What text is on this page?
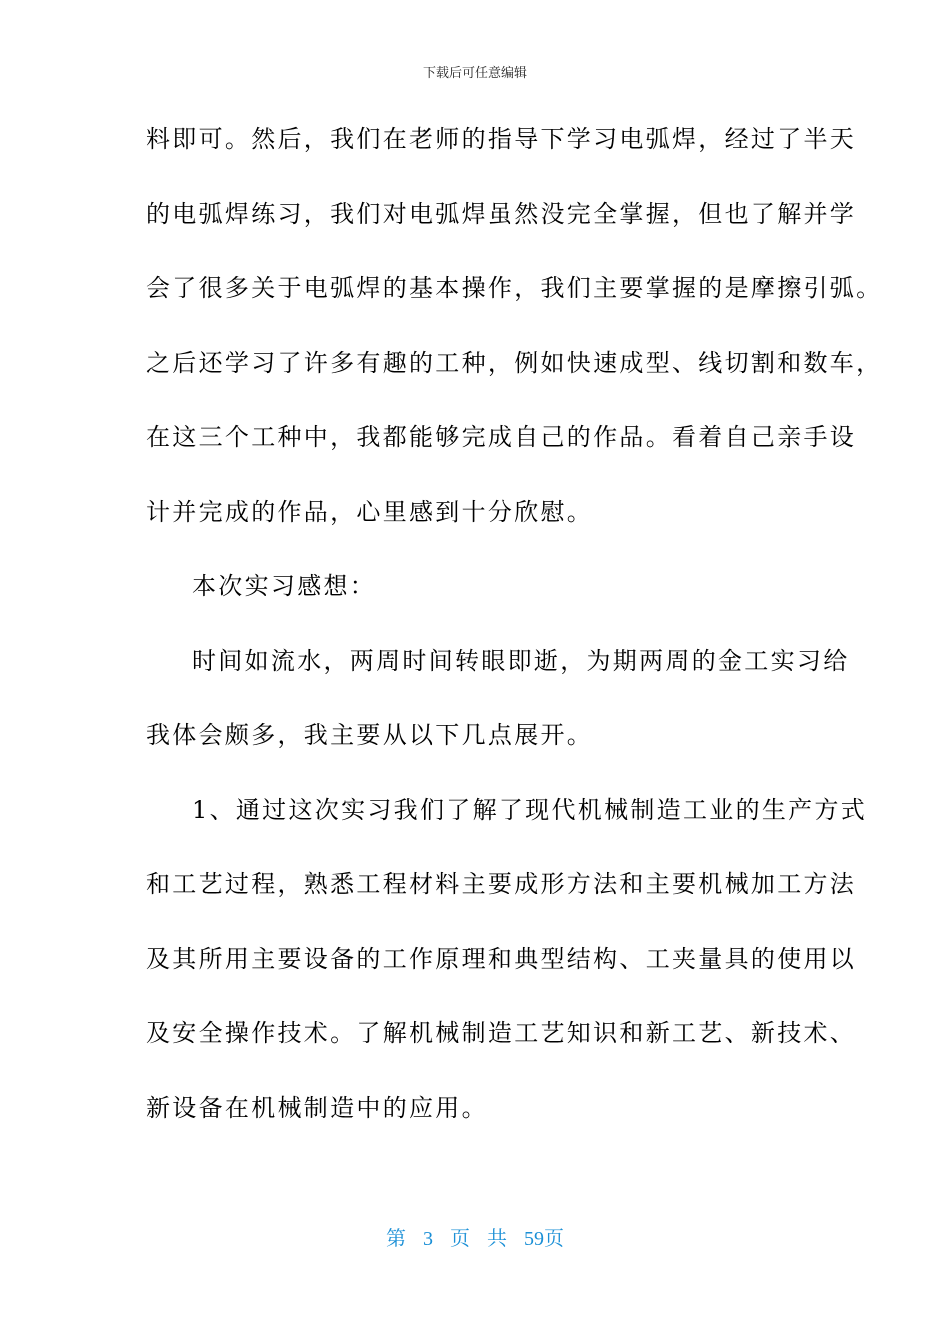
下载后可任意编辑
料即可。然后，我们在老师的指导下学习电弧焊，经过了半天
的电弧焊练习，我们对电弧焊虽然没完全掌握，但也了解并学
会了很多关于电弧焊的基本操作，我们主要掌握的是摩擦引弧。
之后还学习了许多有趣的工种，例如快速成型、线切割和数车，
在这三个工种中，我都能够完成自己的作品。看着自己亲手设
计并完成的作品，心里感到十分欣慰。
本次实习感想：
时间如流水，两周时间转眼即逝，为期两周的金工实习给
我体会颇多，我主要从以下几点展开。
1、通过这次实习我们了解了现代机械制造工业的生产方式
和工艺过程，熟悉工程材料主要成形方法和主要机械加工方法
及其所用主要设备的工作原理和典型结构、工夹量具的使用以
及安全操作技术。了解机械制造工艺知识和新工艺、新技术、
新设备在机械制造中的应用。
第 3 页 共 59页
